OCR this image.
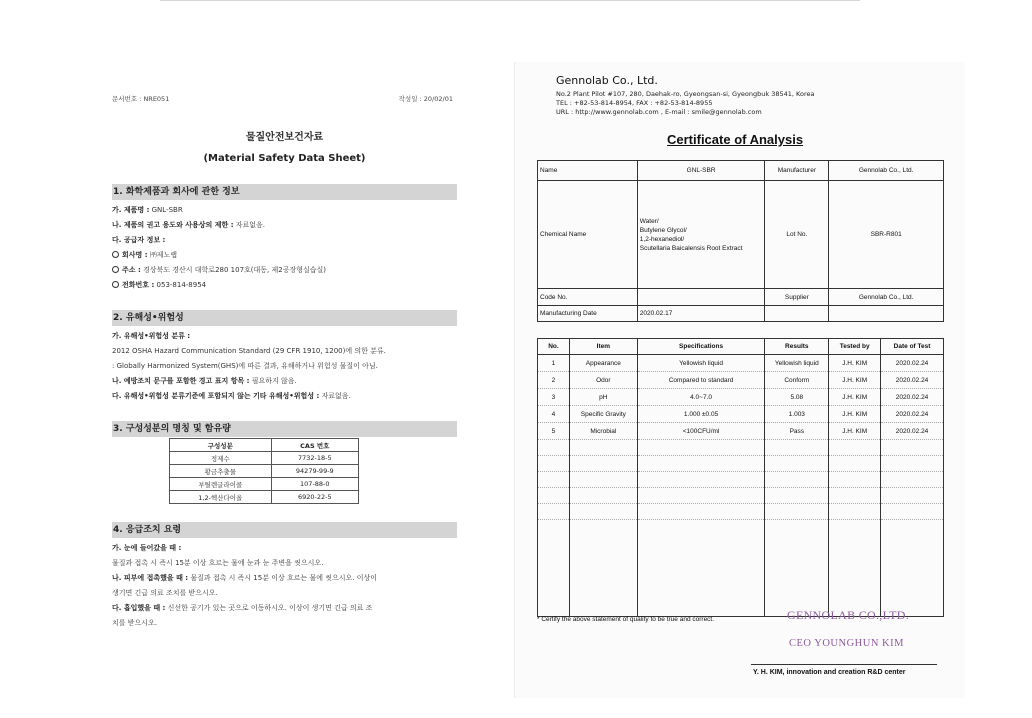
문서번호 : NRE051	작성일 : 20/02/01
물질안전보건자료
(Material Safety Data Sheet)
1. 화학제품과 회사에 관한 정보
가. 제품명 : GNL-SBR
나. 제품의 권고 용도와 사용상의 제한 : 자료없음.
다. 공급자 정보 :
회사명 : ㈜제노랩
주소 : 경상북도 경산시 대학로280 107호(대동, 제2공장형실습실)
전화번호 : 053-814-8954
2. 유해성•위험성
가. 유해성•위험성 분류 :
2012 OSHA Hazard Communication Standard (29 CFR 1910, 1200)에 의한 분류.
: Globally Harmonized System(GHS)에 따른 결과, 유해하거나 위험성 물질이 아님.
나. 예방조치 문구를 포함한 경고 표지 항목 : 필요하지 않음.
다. 유해성•위험성 분류기준에 포함되지 않는 기타 유해성•위험성 : 자료없음.
3. 구성성분의 명칭 및 함유량
구성성분	CAS 번호
정제수	7732-18-5
황금추출물	94279-99-9
부틸렌글라이콜	107-88-0
1,2-헥산다이올	6920-22-5
4. 응급조치 요령
가. 눈에 들어갔을 때 :
물질과 접촉 시 즉시 15분 이상 흐르는 물에 눈과 눈 주변을 씻으시오.
나. 피부에 접촉했을 때 : 물질과 접촉 시 즉시 15분 이상 흐르는 물에 씻으시오. 이상이
생기면 긴급 의료 조치를 받으시오.
다. 흡입했을 때 : 신선한 공기가 있는 곳으로 이동하시오. 이상이 생기면 긴급 의료 조
치를 받으시오.
Gennolab Co., Ltd.
No.2 Plant Pilot #107, 280, Daehak-ro, Gyeongsan-si, Gyeongbuk 38541, Korea
TEL : +82-53-814-8954, FAX : +82-53-814-8955
URL : http://www.gennolab.com , E-mail : smile@gennolab.com
Certificate of Analysis
Name	GNL-SBR	Manufacturer	Gennolab Co., Ltd.
Chemical Name	Water/
Butylene Glycol/
1,2-hexanediol/
Scutellaria Baicalensis Root Extract	Lot No.	SBR-R801
Code No.		Supplier	Gennolab Co., Ltd.
Manufacturing Date	2020.02.17		
No.	Item	Specifications	Results	Tested by	Date of Test
1	Appearance	Yellowish liquid	Yellowish liquid	J.H. KIM	2020.02.24
2	Odor	Compared to standard	Conform	J.H. KIM	2020.02.24
3	pH	4.0~7.0	5.08	J.H. KIM	2020.02.24
4	Specific Gravity	1.000 ±0.05	1.003	J.H. KIM	2020.02.24
5	Microbial	<100CFU/ml	Pass	J.H. KIM	2020.02.24

* Certify the above statement of quality to be true and correct.	GENNOLAB CO.,LTD.
CEO YOUNGHUN KIM
Y. H. KIM, innovation and creation R&D center
